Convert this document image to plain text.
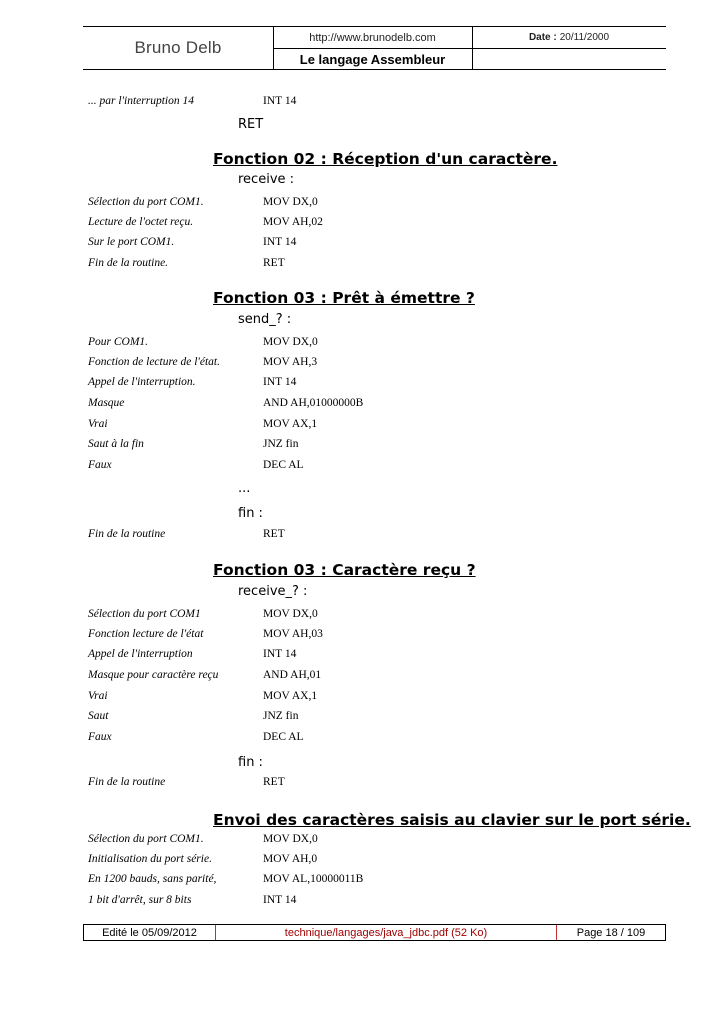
Bruno Delb
http://www.brunodelb.com	Date : 20/11/2000
Le langage Assembleur
... par l'interruption 14	INT 14
RET
Fonction 02 : Réception d'un caractère.
receive :
Sélection du port COM1.	MOV DX,0
Lecture de l'octet reçu.	MOV AH,02
Sur le port COM1.	INT 14
Fin de la routine.	RET
Fonction 03 : Prêt à émettre ?
send_? :
Pour COM1.	MOV DX,0
Fonction de lecture de l'état.	MOV AH,3
Appel de l'interruption.	INT 14
Masque	AND AH,01000000B
Vrai	MOV AX,1
Saut à la fin	JNZ fin
Faux	DEC AL
...
fin :
Fin de la routine	RET
Fonction 03 : Caractère reçu ?
receive_? :
Sélection du port COM1	MOV DX,0
Fonction lecture de l'état	MOV AH,03
Appel de l'interruption	INT 14
Masque pour caractère reçu	AND AH,01
Vrai	MOV AX,1
Saut	JNZ fin
Faux	DEC AL
fin :
Fin de la routine	RET
Envoi des caractères saisis au clavier sur le port série.
Sélection du port COM1.	MOV DX,0
Initialisation du port série.	MOV AH,0
En 1200 bauds, sans parité,	MOV AL,10000011B
1 bit d'arrêt, sur 8 bits	INT 14
Edité le 05/09/2012	technique/langages/java_jdbc.pdf (52 Ko)	Page 18 / 109
